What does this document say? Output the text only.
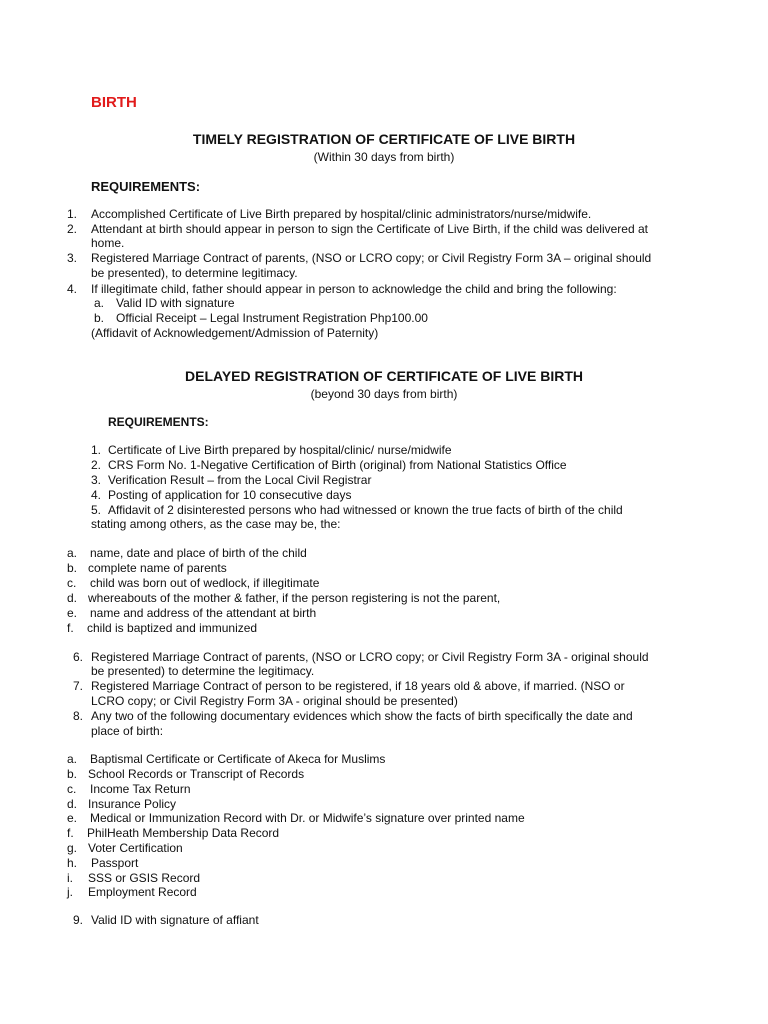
BIRTH
TIMELY REGISTRATION OF CERTIFICATE OF LIVE BIRTH
(Within 30 days from birth)
REQUIREMENTS:
1. Accomplished Certificate of Live Birth prepared by hospital/clinic administrators/nurse/midwife.
2. Attendant at birth should appear in person to sign the Certificate of Live Birth, if the child was delivered at
home.
3. Registered Marriage Contract of parents, (NSO or LCRO copy; or Civil Registry Form 3A – original should
be presented), to determine legitimacy.
4. If illegitimate child, father should appear in person to acknowledge the child and bring the following:
a. Valid ID with signature
b. Official Receipt – Legal Instrument Registration Php100.00
(Affidavit of Acknowledgement/Admission of Paternity)
DELAYED REGISTRATION OF CERTIFICATE OF LIVE BIRTH
(beyond 30 days from birth)
REQUIREMENTS:
1. Certificate of Live Birth prepared by hospital/clinic/ nurse/midwife
2. CRS Form No. 1-Negative Certification of Birth (original) from National Statistics Office
3. Verification Result – from the Local Civil Registrar
4. Posting of application for 10 consecutive days
5. Affidavit of 2 disinterested persons who had witnessed or known the true facts of birth of the child
stating among others, as the case may be, the:
a. name, date and place of birth of the child
b. complete name of parents
c. child was born out of wedlock, if illegitimate
d. whereabouts of the mother & father, if the person registering is not the parent,
e. name and address of the attendant at birth
f. child is baptized and immunized
6. Registered Marriage Contract of parents, (NSO or LCRO copy; or Civil Registry Form 3A - original should
be presented) to determine the legitimacy.
7. Registered Marriage Contract of person to be registered, if 18 years old & above, if married. (NSO or
LCRO copy; or Civil Registry Form 3A - original should be presented)
8. Any two of the following documentary evidences which show the facts of birth specifically the date and
place of birth:
a. Baptismal Certificate or Certificate of Akeca for Muslims
b. School Records or Transcript of Records
c. Income Tax Return
d. Insurance Policy
e. Medical or Immunization Record with Dr. or Midwife’s signature over printed name
f. PhilHeath Membership Data Record
g. Voter Certification
h. Passport
i. SSS or GSIS Record
j. Employment Record
9. Valid ID with signature of affiant
